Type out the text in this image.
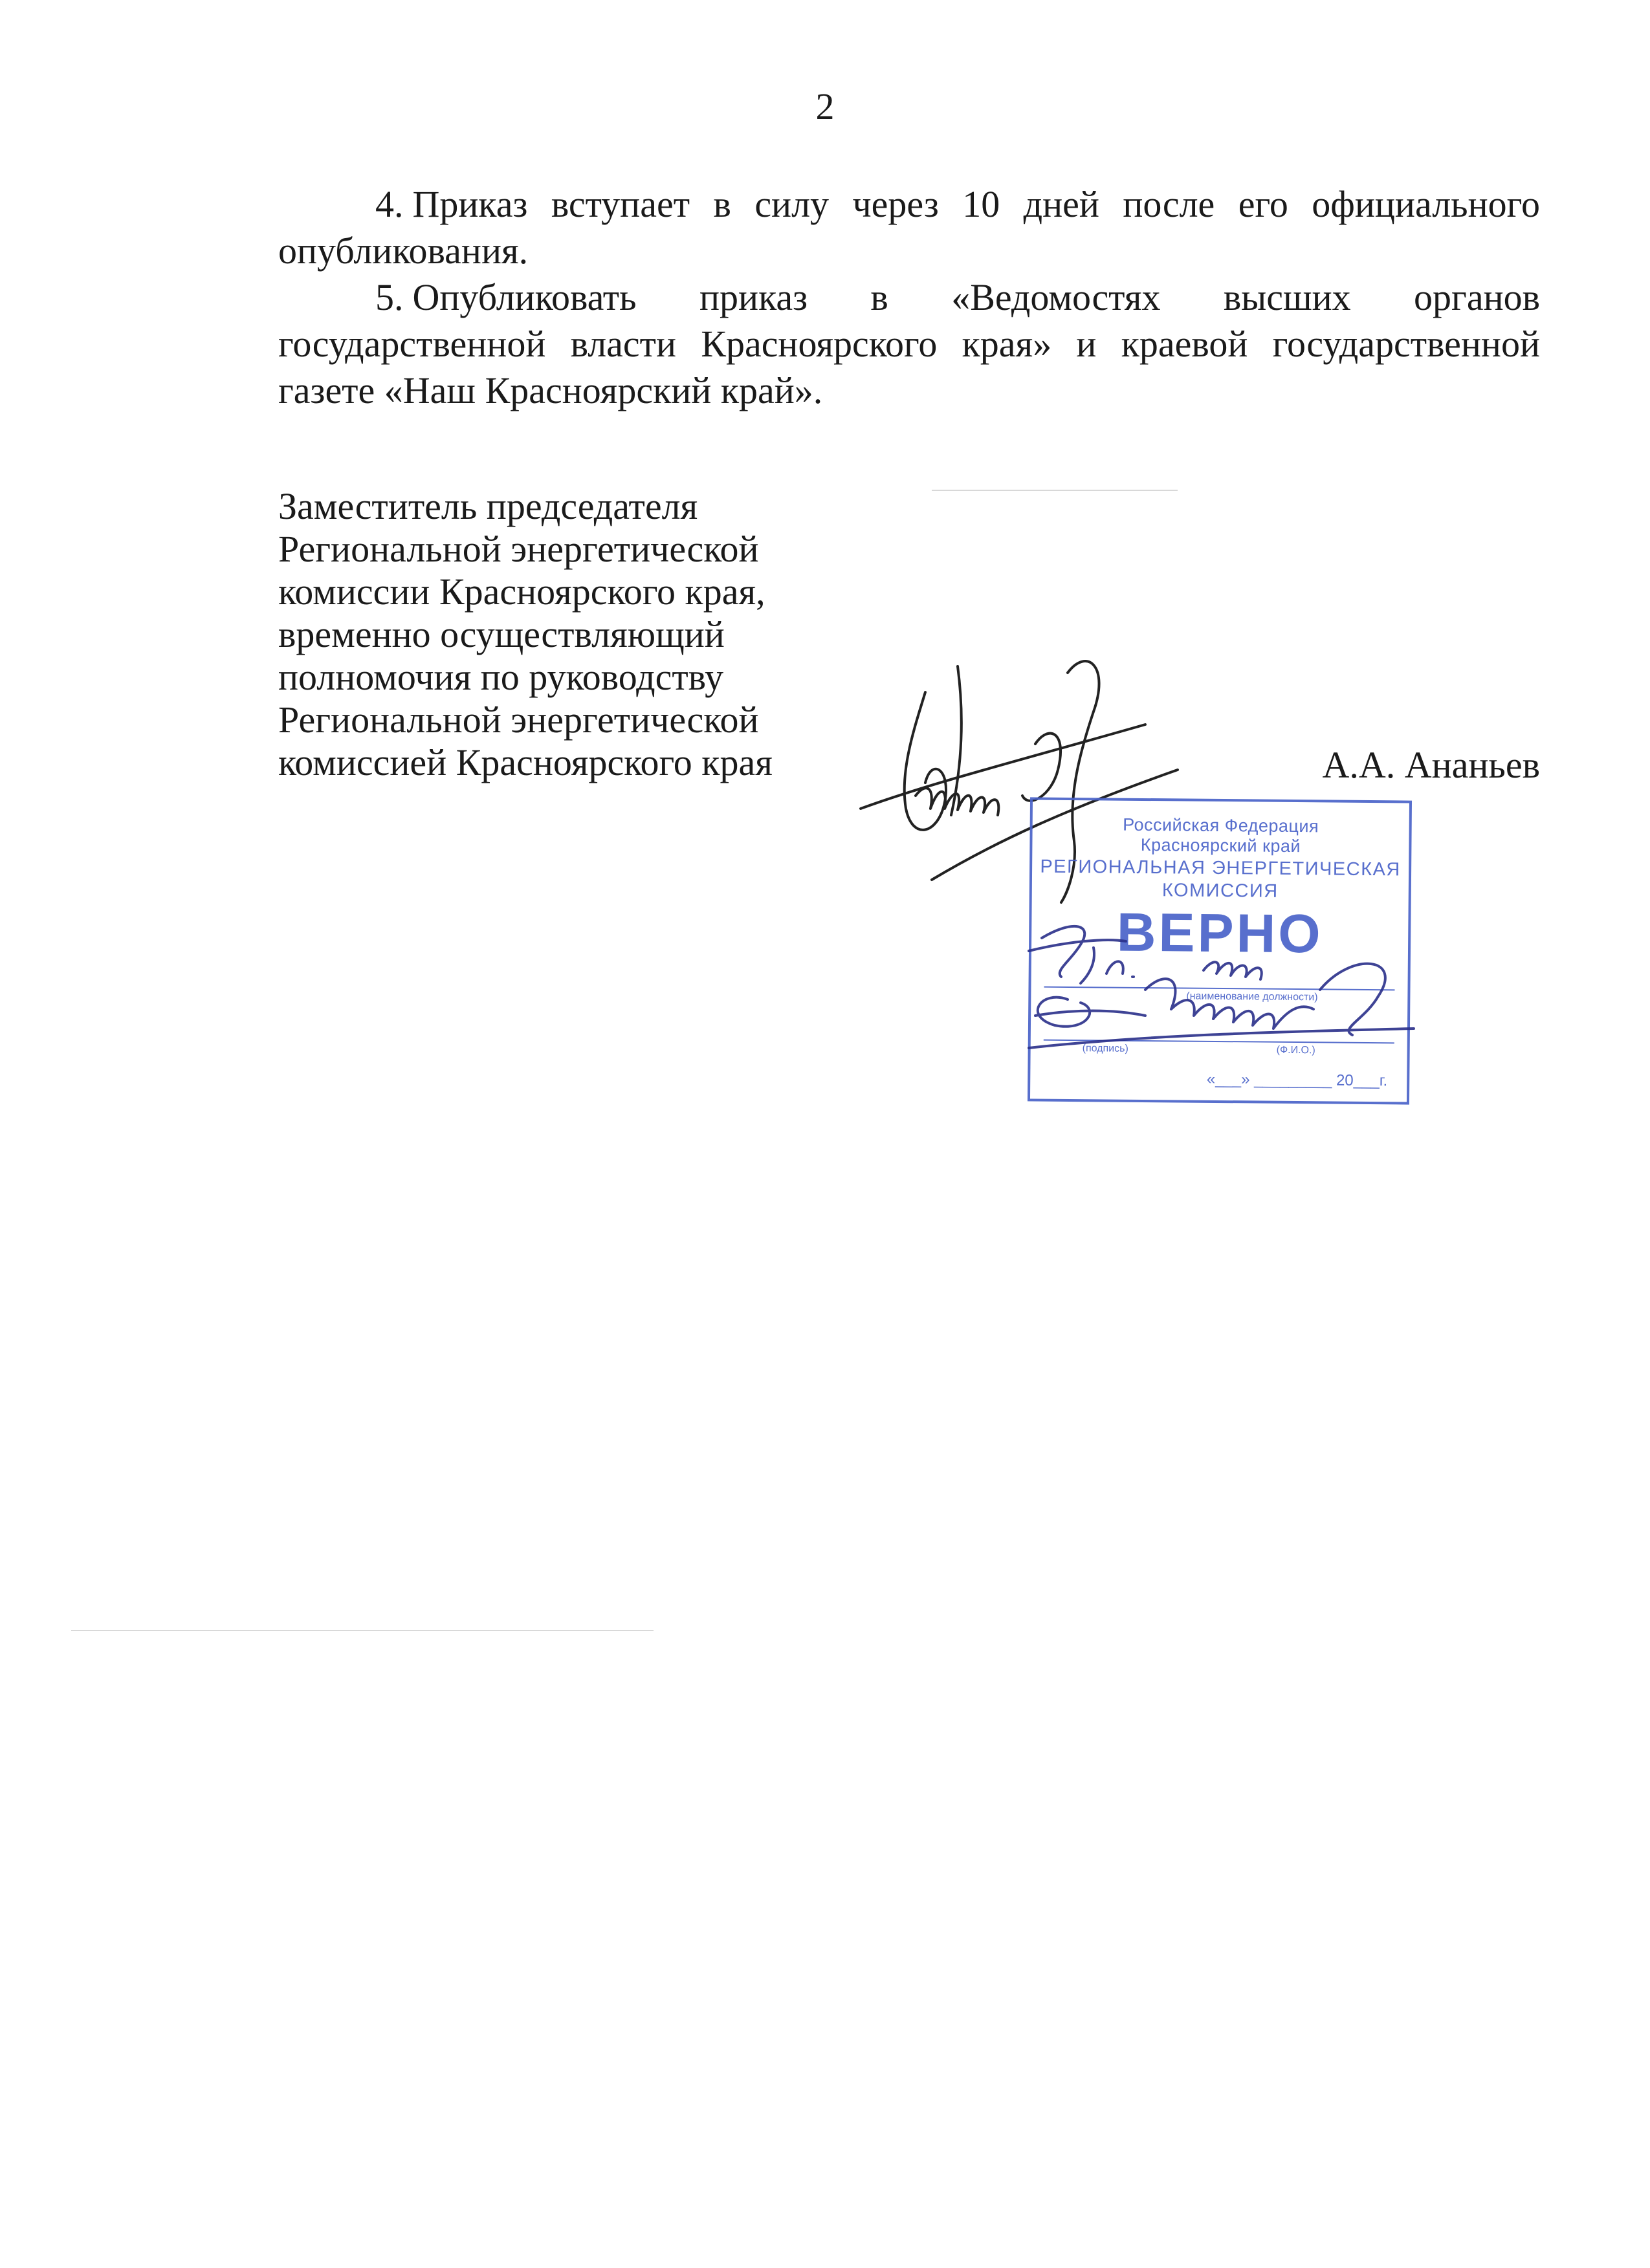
2

4. Приказ вступает в силу через 10 дней после его официального опубликования.

5. Опубликовать приказ в «Ведомостях высших органов государственной власти Красноярского края» и краевой государственной газете «Наш Красноярский край».

Заместитель председателя
Региональной энергетической
комиссии Красноярского края,
временно осуществляющий
полномочия по руководству
Региональной энергетической
комиссией Красноярского края	А.А. Ананьев
Российская Федерация
Красноярский край
РЕГИОНАЛЬНАЯ ЭНЕРГЕТИЧЕСКАЯ
КОМИССИЯ
ВЕРНО
(наименование должности)
(подпись)	(Ф.И.О.)
«___» _________ 20___г.
